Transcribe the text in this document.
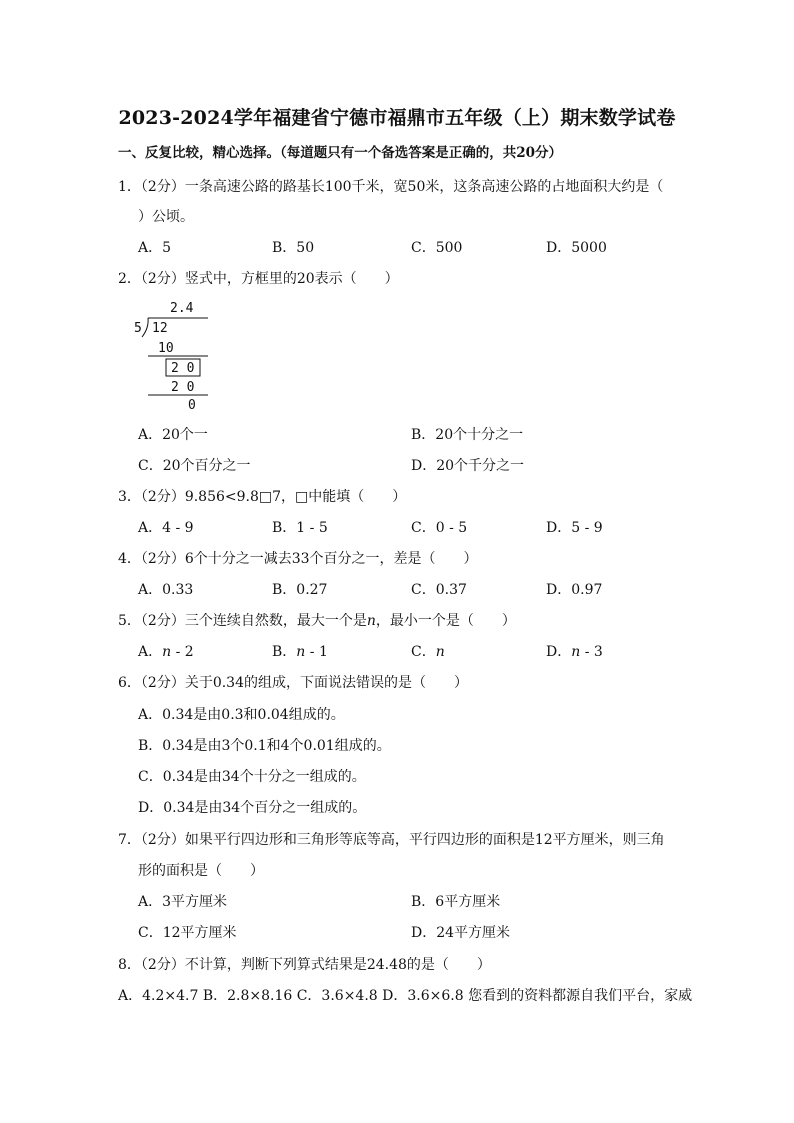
2023-2024学年福建省宁德市福鼎市五年级（上）期末数学试卷
一、反复比较，精心选择。（每道题只有一个备选答案是正确的，共20分）
1．（2分）一条高速公路的路基长100千米，宽50米，这条高速公路的占地面积大约是（
）公顷。
A．5	B．50	C．500	D．5000
2．（2分）竖式中，方框里的20表示（　　）
2.4
5 12
10
2 0
2 0
0
A．20个一	B．20个十分之一
C．20个百分之一	D．20个千分之一
3．（2分）9.856<9.8□7，□中能填（　　）
A．4 - 9	B．1 - 5	C．0 - 5	D．5 - 9
4．（2分）6个十分之一减去33个百分之一，差是（　　）
A．0.33	B．0.27	C．0.37	D．0.97
5．（2分）三个连续自然数，最大一个是n，最小一个是（　　）
A．n - 2	B．n - 1	C．n	D．n - 3
6．（2分）关于0.34的组成，下面说法错误的是（　　）
A．0.34是由0.3和0.04组成的。
B．0.34是由3个0.1和4个0.01组成的。
C．0.34是由34个十分之一组成的。
D．0.34是由34个百分之一组成的。
7．（2分）如果平行四边形和三角形等底等高，平行四边形的面积是12平方厘米，则三角
形的面积是（　　）
A．3平方厘米	B．6平方厘米
C．12平方厘米	D．24平方厘米
8．（2分）不计算，判断下列算式结果是24.48的是（　　）
A．4.2×4.7 B．2.8×8.16 C．3.6×4.8 D．3.6×6.8 您看到的资料都源自我们平台，家威
